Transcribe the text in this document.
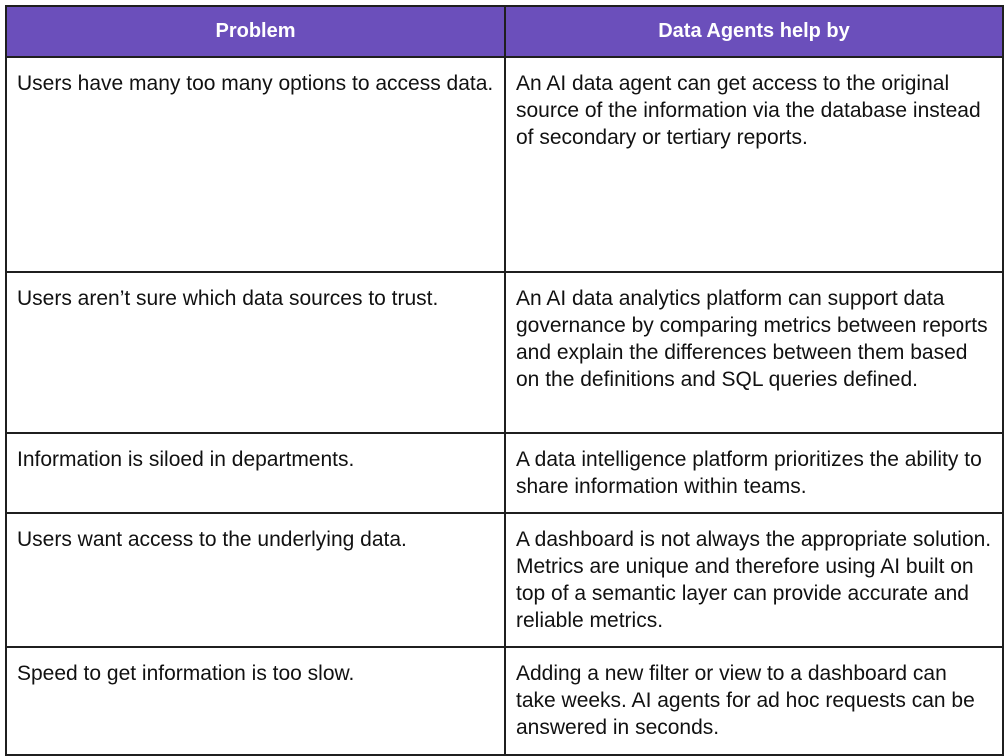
Problem	Data Agents help by
Users have many too many options to access data.	An AI data agent can get access to the original source of the information via the database instead of secondary or tertiary reports.
Users aren’t sure which data sources to trust.	An AI data analytics platform can support data governance by comparing metrics between reports and explain the differences between them based on the definitions and SQL queries defined.
Information is siloed in departments.	A data intelligence platform prioritizes the ability to share information within teams.
Users want access to the underlying data.	A dashboard is not always the appropriate solution. Metrics are unique and therefore using AI built on top of a semantic layer can provide accurate and reliable metrics.
Speed to get information is too slow.	Adding a new filter or view to a dashboard can take weeks. AI agents for ad hoc requests can be answered in seconds.
